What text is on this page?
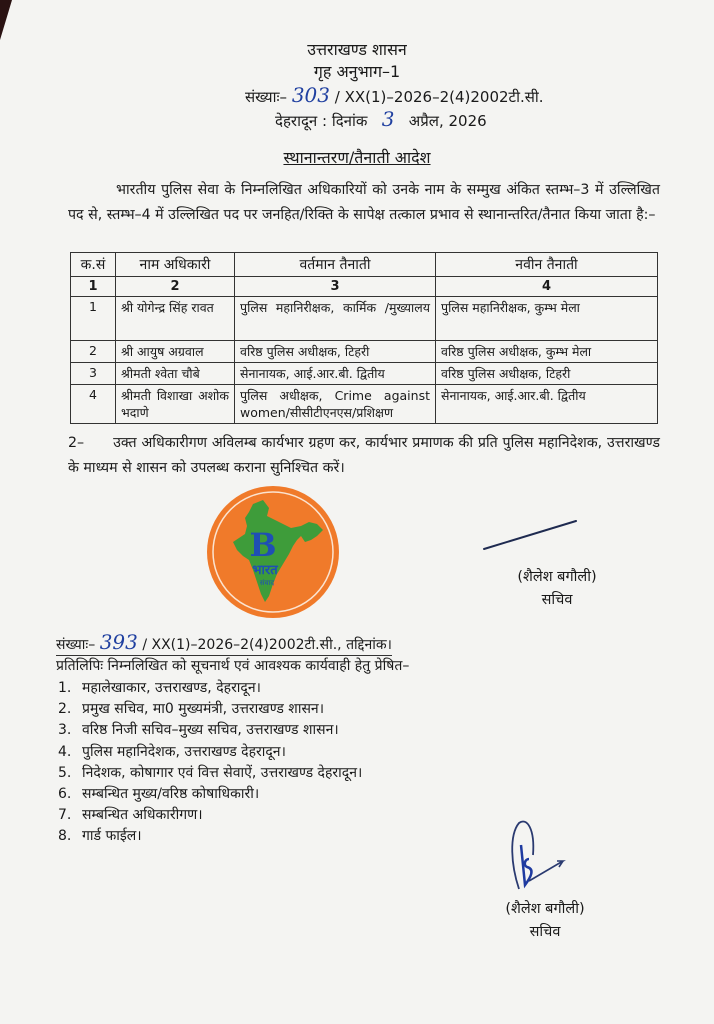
उत्तराखण्ड शासन
गृह अनुभाग–1
संख्याः– 303 / XX(1)–2026–2(4)2002टी.सी.
देहरादून : दिनांक 3 अप्रैल, 2026
स्थानान्तरण/तैनाती आदेश
भारतीय पुलिस सेवा के निम्नलिखित अधिकारियों को उनके नाम के सम्मुख अंकित स्तम्भ–3 में उल्लिखित पद से, स्तम्भ–4 में उल्लिखित पद पर जनहित/रिक्ति के सापेक्ष तत्काल प्रभाव से स्थानान्तरित/तैनात किया जाता है:–
क.सं	नाम अधिकारी	वर्तमान तैनाती	नवीन तैनाती
1	2	3	4
1	श्री योगेन्द्र सिंह रावत	पुलिस महानिरीक्षक, कार्मिक /मुख्यालय	पुलिस महानिरीक्षक, कुम्भ मेला
2	श्री आयुष अग्रवाल	वरिष्ठ पुलिस अधीक्षक, टिहरी	वरिष्ठ पुलिस अधीक्षक, कुम्भ मेला
3	श्रीमती श्वेता चौबे	सेनानायक, आई.आर.बी. द्वितीय	वरिष्ठ पुलिस अधीक्षक, टिहरी
4	श्रीमती विशाखा अशोक भदाणे	पुलिस अधीक्षक, Crime against women/सीसीटीएनएस/प्रशिक्षण	सेनानायक, आई.आर.बी. द्वितीय
2–      उक्त अधिकारीगण अविलम्ब कार्यभार ग्रहण कर, कार्यभार प्रमाणक की प्रति पुलिस महानिदेशक, उत्तराखण्ड के माध्यम से शासन को उपलब्ध कराना सुनिश्चित करें।
B
भारत
संवाद	(शैलेश बगौली)
सचिव
संख्याः– 393 / XX(1)–2026–2(4)2002टी.सी., तद्दिनांक।
प्रतिलिपिः निम्नलिखित को सूचनार्थ एवं आवश्यक कार्यवाही हेतु प्रेषित–
1. महालेखाकार, उत्तराखण्ड, देहरादून।
2. प्रमुख सचिव, मा0 मुख्यमंत्री, उत्तराखण्ड शासन।
3. वरिष्ठ निजी सचिव–मुख्य सचिव, उत्तराखण्ड शासन।
4. पुलिस महानिदेशक, उत्तराखण्ड देहरादून।
5. निदेशक, कोषागार एवं वित्त सेवाऐं, उत्तराखण्ड देहरादून।
6. सम्बन्धित मुख्य/वरिष्ठ कोषाधिकारी।
7. सम्बन्धित अधिकारीगण।
8. गार्ड फाईल।
(शैलेश बगौली)
सचिव
